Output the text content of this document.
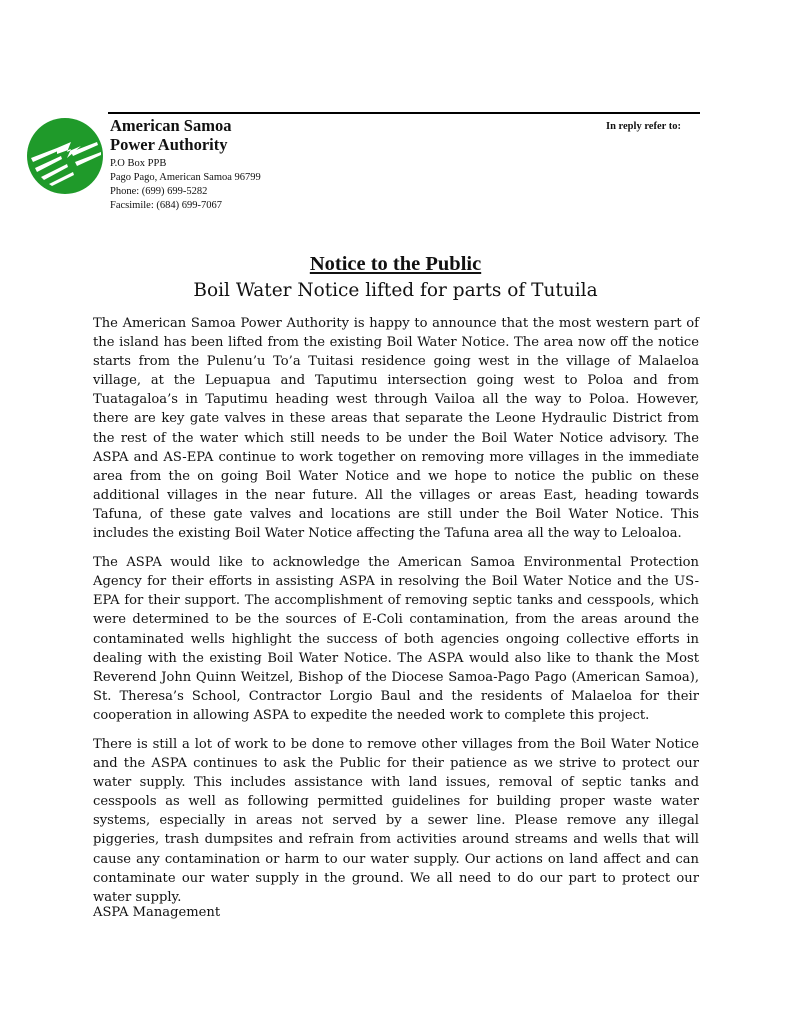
American Samoa
Power Authority
In reply refer to:
P.O Box PPB
Pago Pago, American Samoa 96799
Phone: (699) 699-5282
Facsimile: (684) 699-7067
Notice to the Public
Boil Water Notice lifted for parts of Tutuila

The American Samoa Power Authority is happy to announce that the most western part of the island has been lifted from the existing Boil Water Notice. The area now off the notice starts from the Pulenu’u To’a Tuitasi residence going west in the village of Malaeloa village, at the Lepuapua and Taputimu intersection going west to Poloa and from Tuatagaloa’s in Taputimu heading west through Vailoa all the way to Poloa. However, there are key gate valves in these areas that separate the Leone Hydraulic District from the rest of the water which still needs to be under the Boil Water Notice advisory. The ASPA and AS-EPA continue to work together on removing more villages in the immediate area from the on going Boil Water Notice and we hope to notice the public on these additional villages in the near future. All the villages or areas East, heading towards Tafuna, of these gate valves and locations are still under the Boil Water Notice. This includes the existing Boil Water Notice affecting the Tafuna area all the way to Leloaloa.

The ASPA would like to acknowledge the American Samoa Environmental Protection Agency for their efforts in assisting ASPA in resolving the Boil Water Notice and the US-EPA for their support. The accomplishment of removing septic tanks and cesspools, which were determined to be the sources of E-Coli contamination, from the areas around the contaminated wells highlight the success of both agencies ongoing collective efforts in dealing with the existing Boil Water Notice. The ASPA would also like to thank the Most Reverend John Quinn Weitzel, Bishop of the Diocese Samoa-Pago Pago (American Samoa), St. Theresa’s School, Contractor Lorgio Baul and the residents of Malaeloa for their cooperation in allowing ASPA to expedite the needed work to complete this project.

There is still a lot of work to be done to remove other villages from the Boil Water Notice and the ASPA continues to ask the Public for their patience as we strive to protect our water supply. This includes assistance with land issues, removal of septic tanks and cesspools as well as following permitted guidelines for building proper waste water systems, especially in areas not served by a sewer line. Please remove any illegal piggeries, trash dumpsites and refrain from activities around streams and wells that will cause any contamination or harm to our water supply. Our actions on land affect and can contaminate our water supply in the ground. We all need to do our part to protect our water supply.

ASPA Management
